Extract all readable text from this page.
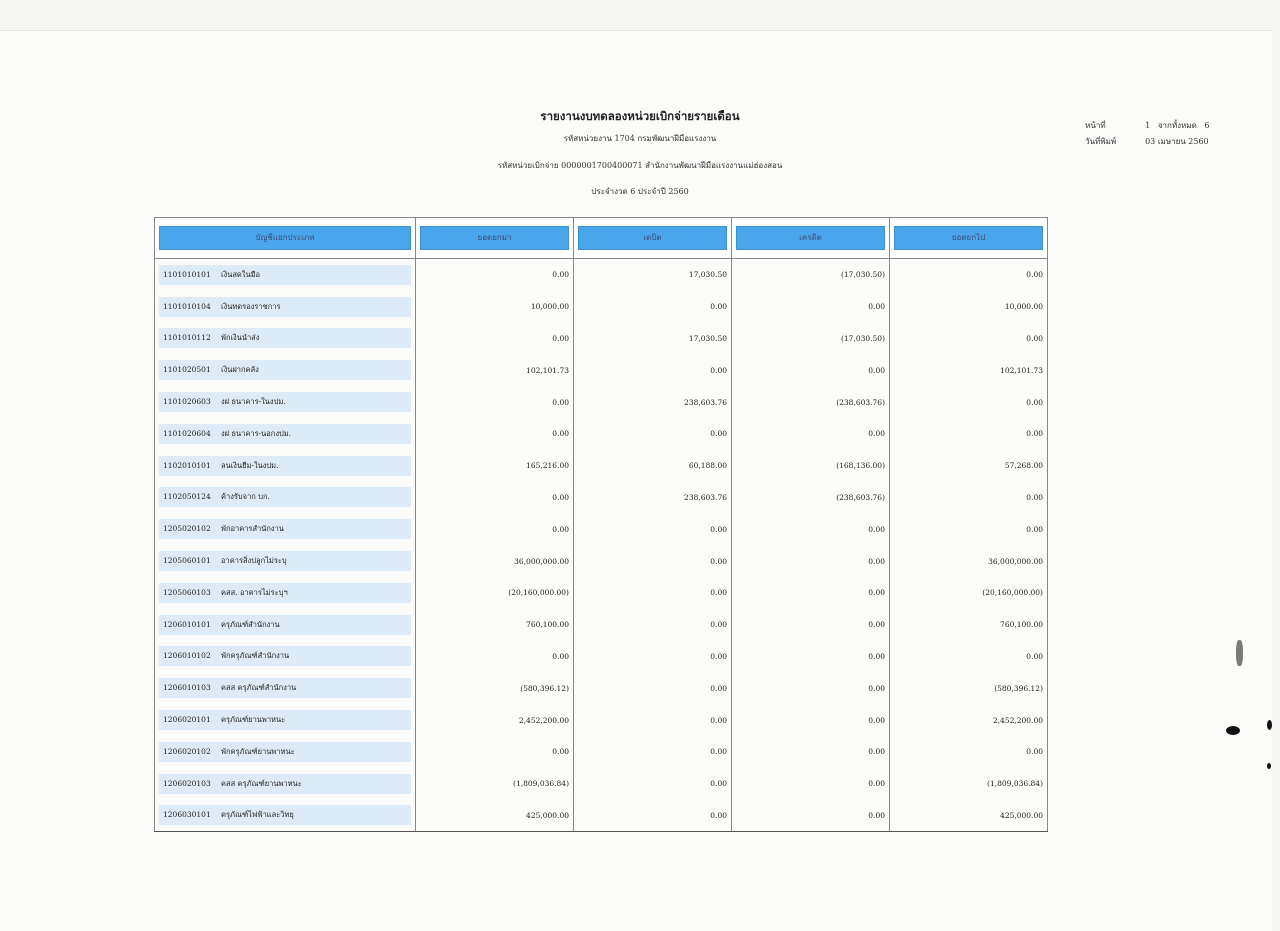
รายงานงบทดลองหน่วยเบิกจ่ายรายเดือน
รหัสหน่วยงาน 1704 กรมพัฒนาฝีมือแรงงาน
รหัสหน่วยเบิกจ่าย 0000001700400071 สำนักงานพัฒนาฝีมือแรงงานแม่ฮ่องสอน
ประจำงวด 6 ประจำปี 2560

หน้าที่	1   จากทั้งหมด   6

วันที่พิมพ์	03 เมษายน 2560

บัญชีแยกประเภท	ยอดยกมา	เดบิต	เครดิต	ยอดยกไป

1101010101 เงินสดในมือ	0.00	17,030.50	(17,030.50)	0.00

1101010104 เงินทดรองราชการ	10,000.00	0.00	0.00	10,000.00

1101010112 พักเงินนำส่ง	0.00	17,030.50	(17,030.50)	0.00

1101020501 เงินฝากคลัง	102,101.73	0.00	0.00	102,101.73

1101020603 งฝ ธนาคาร-ในงปม.	0.00	238,603.76	(238,603.76)	0.00

1101020604 งฝ ธนาคาร-นอกงปม.	0.00	0.00	0.00	0.00

1102010101 ลนเงินยืม-ในงปม.	165,216.00	60,188.00	(168,136.00)	57,268.00

1102050124 ค้างรับจาก บก.	0.00	238,603.76	(238,603.76)	0.00

1205020102 พักอาคารสำนักงาน	0.00	0.00	0.00	0.00

1205060101 อาคารสิ่งปลูกไม่ระบุ	36,000,000.00	0.00	0.00	36,000,000.00

1205060103 คสส. อาคารไม่ระบุฯ	(20,160,000.00)	0.00	0.00	(20,160,000.00)

1206010101 ครุภัณฑ์สำนักงาน	760,100.00	0.00	0.00	760,100.00

1206010102 พักครุภัณฑ์สำนักงาน	0.00	0.00	0.00	0.00

1206010103 คสส ครุภัณฑ์สำนักงาน	(580,396.12)	0.00	0.00	(580,396.12)

1206020101 ครุภัณฑ์ยานพาหนะ	2,452,200.00	0.00	0.00	2,452,200.00

1206020102 พักครุภัณฑ์ยานพาหนะ	0.00	0.00	0.00	0.00

1206020103 คสส ครุภัณฑ์ยานพาหนะ	(1,809,036.84)	0.00	0.00	(1,809,036.84)

1206030101 ครุภัณฑ์ไฟฟ้าและวิทยุ	425,000.00	0.00	0.00	425,000.00
